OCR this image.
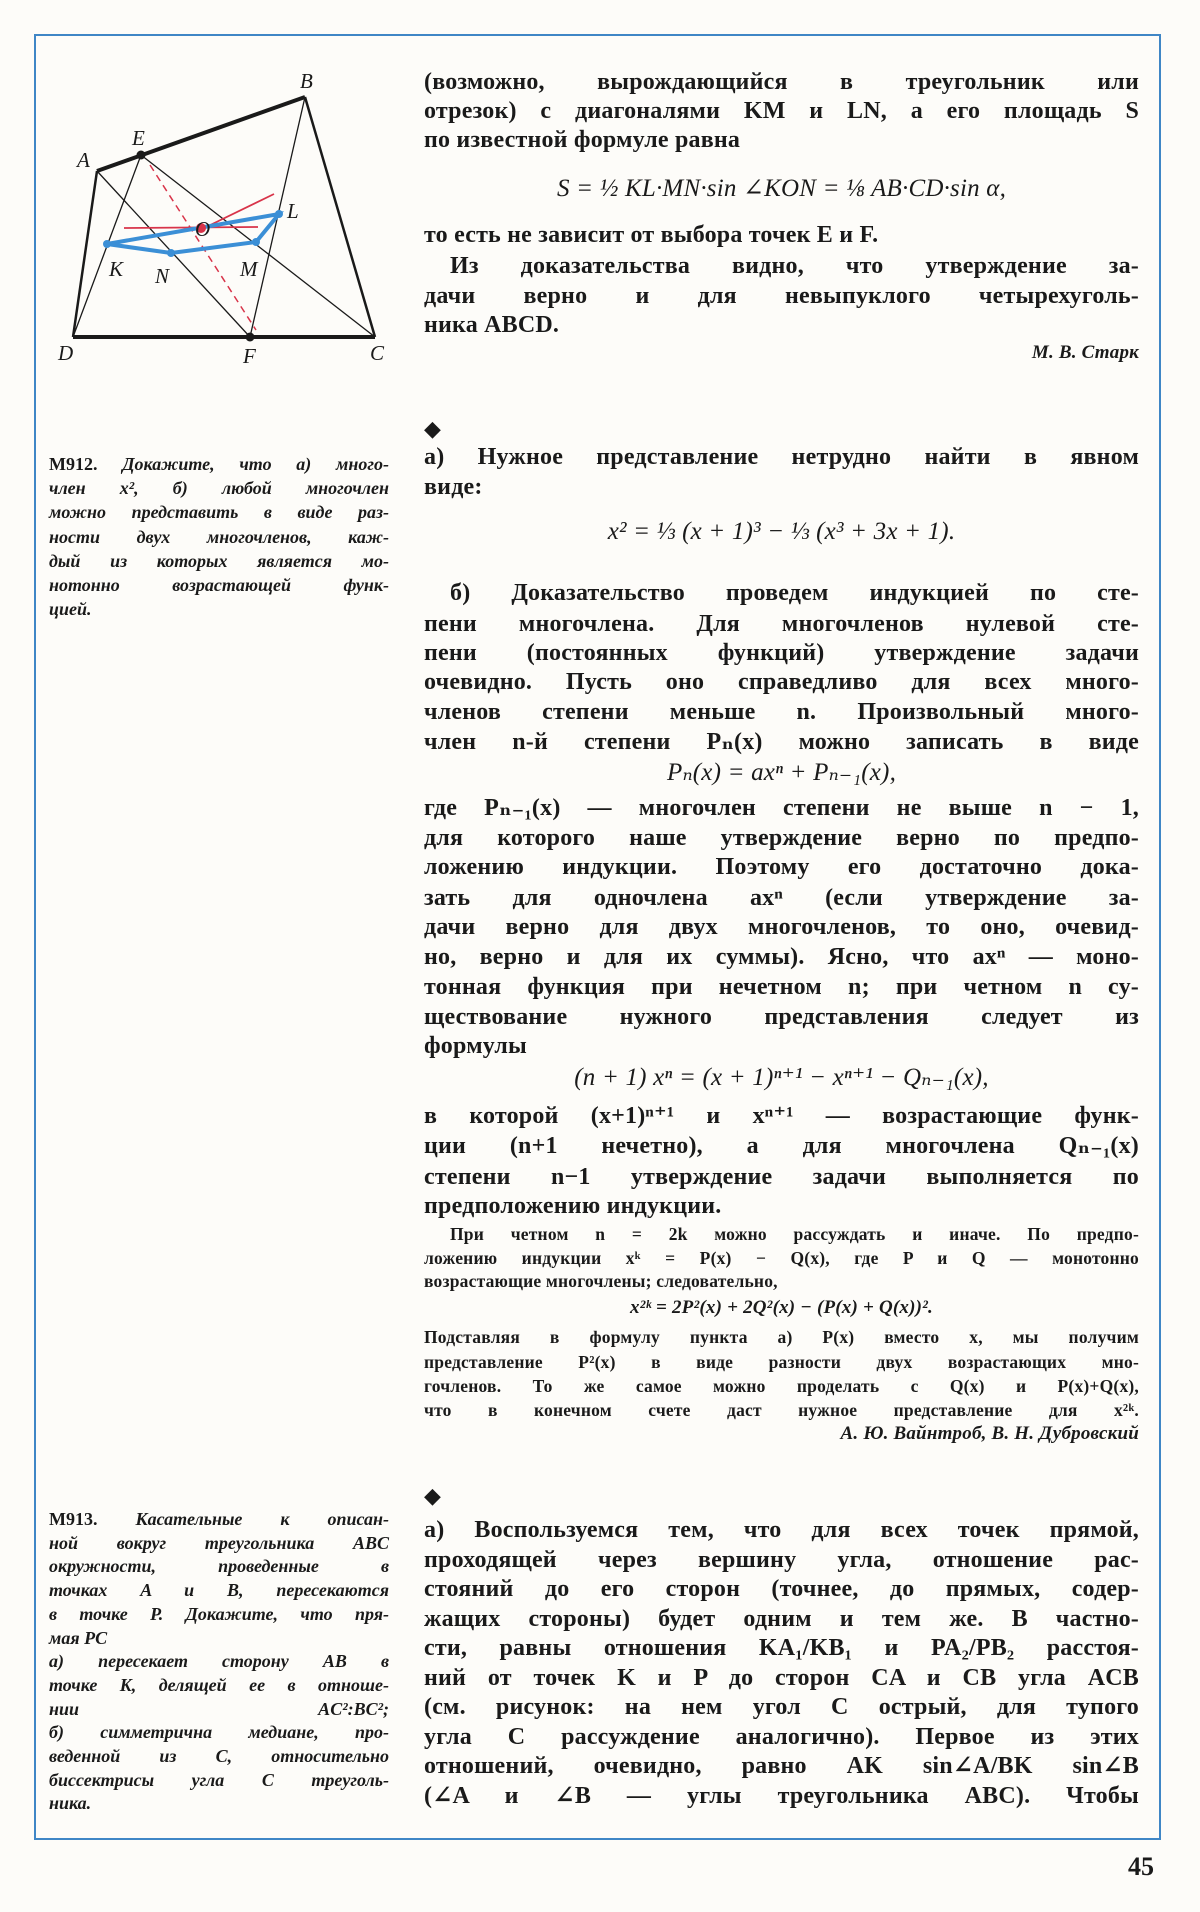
B
E
A
L
O
K N	M
D	F	C
М912. Докажите, что а) много-
член x², б) любой многочлен
можно представить в виде раз-
ности двух многочленов, каж-
дый из которых является мо-
нотонно возрастающей функ-
цией.
М913. Касательные к описан-
ной вокруг треугольника ABC
окружности, проведенные в
точках A и B, пересекаются
в точке P. Докажите, что пря-
мая PC
а) пересекает сторону AB в
точке K, делящей ее в отноше-
нии AC²:BC²;
б) симметрична медиане, про-
веденной из C, относительно
биссектрисы угла C треуголь-
ника.
(возможно, вырождающийся в треугольник или
отрезок) с диагоналями KM и LN, а его площадь S
по известной формуле равна
S = ½ KL·MN·sin ∠KON = ⅛ AB·CD·sin α,
то есть не зависит от выбора точек E и F.
Из доказательства видно, что утверждение за-
дачи верно и для невыпуклого четырехуголь-
ника ABCD.
М. В. Старк
◆
а) Нужное представление нетрудно найти в явном
виде:
x² = ⅓ (x + 1)³ − ⅓ (x³ + 3x + 1).
б) Доказательство проведем индукцией по сте-
пени многочлена. Для многочленов нулевой сте-
пени (постоянных функций) утверждение задачи
очевидно. Пусть оно справедливо для всех много-
членов степени меньше n. Произвольный много-
член n-й степени Pₙ(x) можно записать в виде
Pₙ(x) = axⁿ + Pₙ₋₁(x),
где Pₙ₋₁(x) — многочлен степени не выше n − 1,
для которого наше утверждение верно по предпо-
ложению индукции. Поэтому его достаточно дока-
зать для одночлена axⁿ (если утверждение за-
дачи верно для двух многочленов, то оно, очевид-
но, верно и для их суммы). Ясно, что axⁿ — моно-
тонная функция при нечетном n; при четном n су-
ществование нужного представления следует из
формулы
(n + 1) xⁿ = (x + 1)ⁿ⁺¹ − xⁿ⁺¹ − Qₙ₋₁(x),
в которой (x+1)ⁿ⁺¹ и xⁿ⁺¹ — возрастающие функ-
ции (n+1 нечетно), а для многочлена Qₙ₋₁(x)
степени n−1 утверждение задачи выполняется по
предположению индукции.
При четном n = 2k можно рассуждать и иначе. По предпо-
ложению индукции xᵏ = P(x) − Q(x), где P и Q — монотонно
возрастающие многочлены; следовательно,
x²ᵏ = 2P²(x) + 2Q²(x) − (P(x) + Q(x))².
Подставляя в формулу пункта а) P(x) вместо x, мы получим
представление P²(x) в виде разности двух возрастающих мно-
гочленов. То же самое можно проделать с Q(x) и P(x)+Q(x),
что в конечном счете даст нужное представление для x²ᵏ.
А. Ю. Вайнтроб, В. Н. Дубровский
◆
а) Воспользуемся тем, что для всех точек прямой,
проходящей через вершину угла, отношение рас-
стояний до его сторон (точнее, до прямых, содер-
жащих стороны) будет одним и тем же. В частно-
сти, равны отношения KA₁/KB₁ и PA₂/PB₂ расстоя-
ний от точек K и P до сторон CA и CB угла ACB
(см. рисунок: на нем угол C острый, для тупого
угла C рассуждение аналогично). Первое из этих
отношений, очевидно, равно AK sin∠A/BK sin∠B
(∠A и ∠B — углы треугольника ABC). Чтобы
45
